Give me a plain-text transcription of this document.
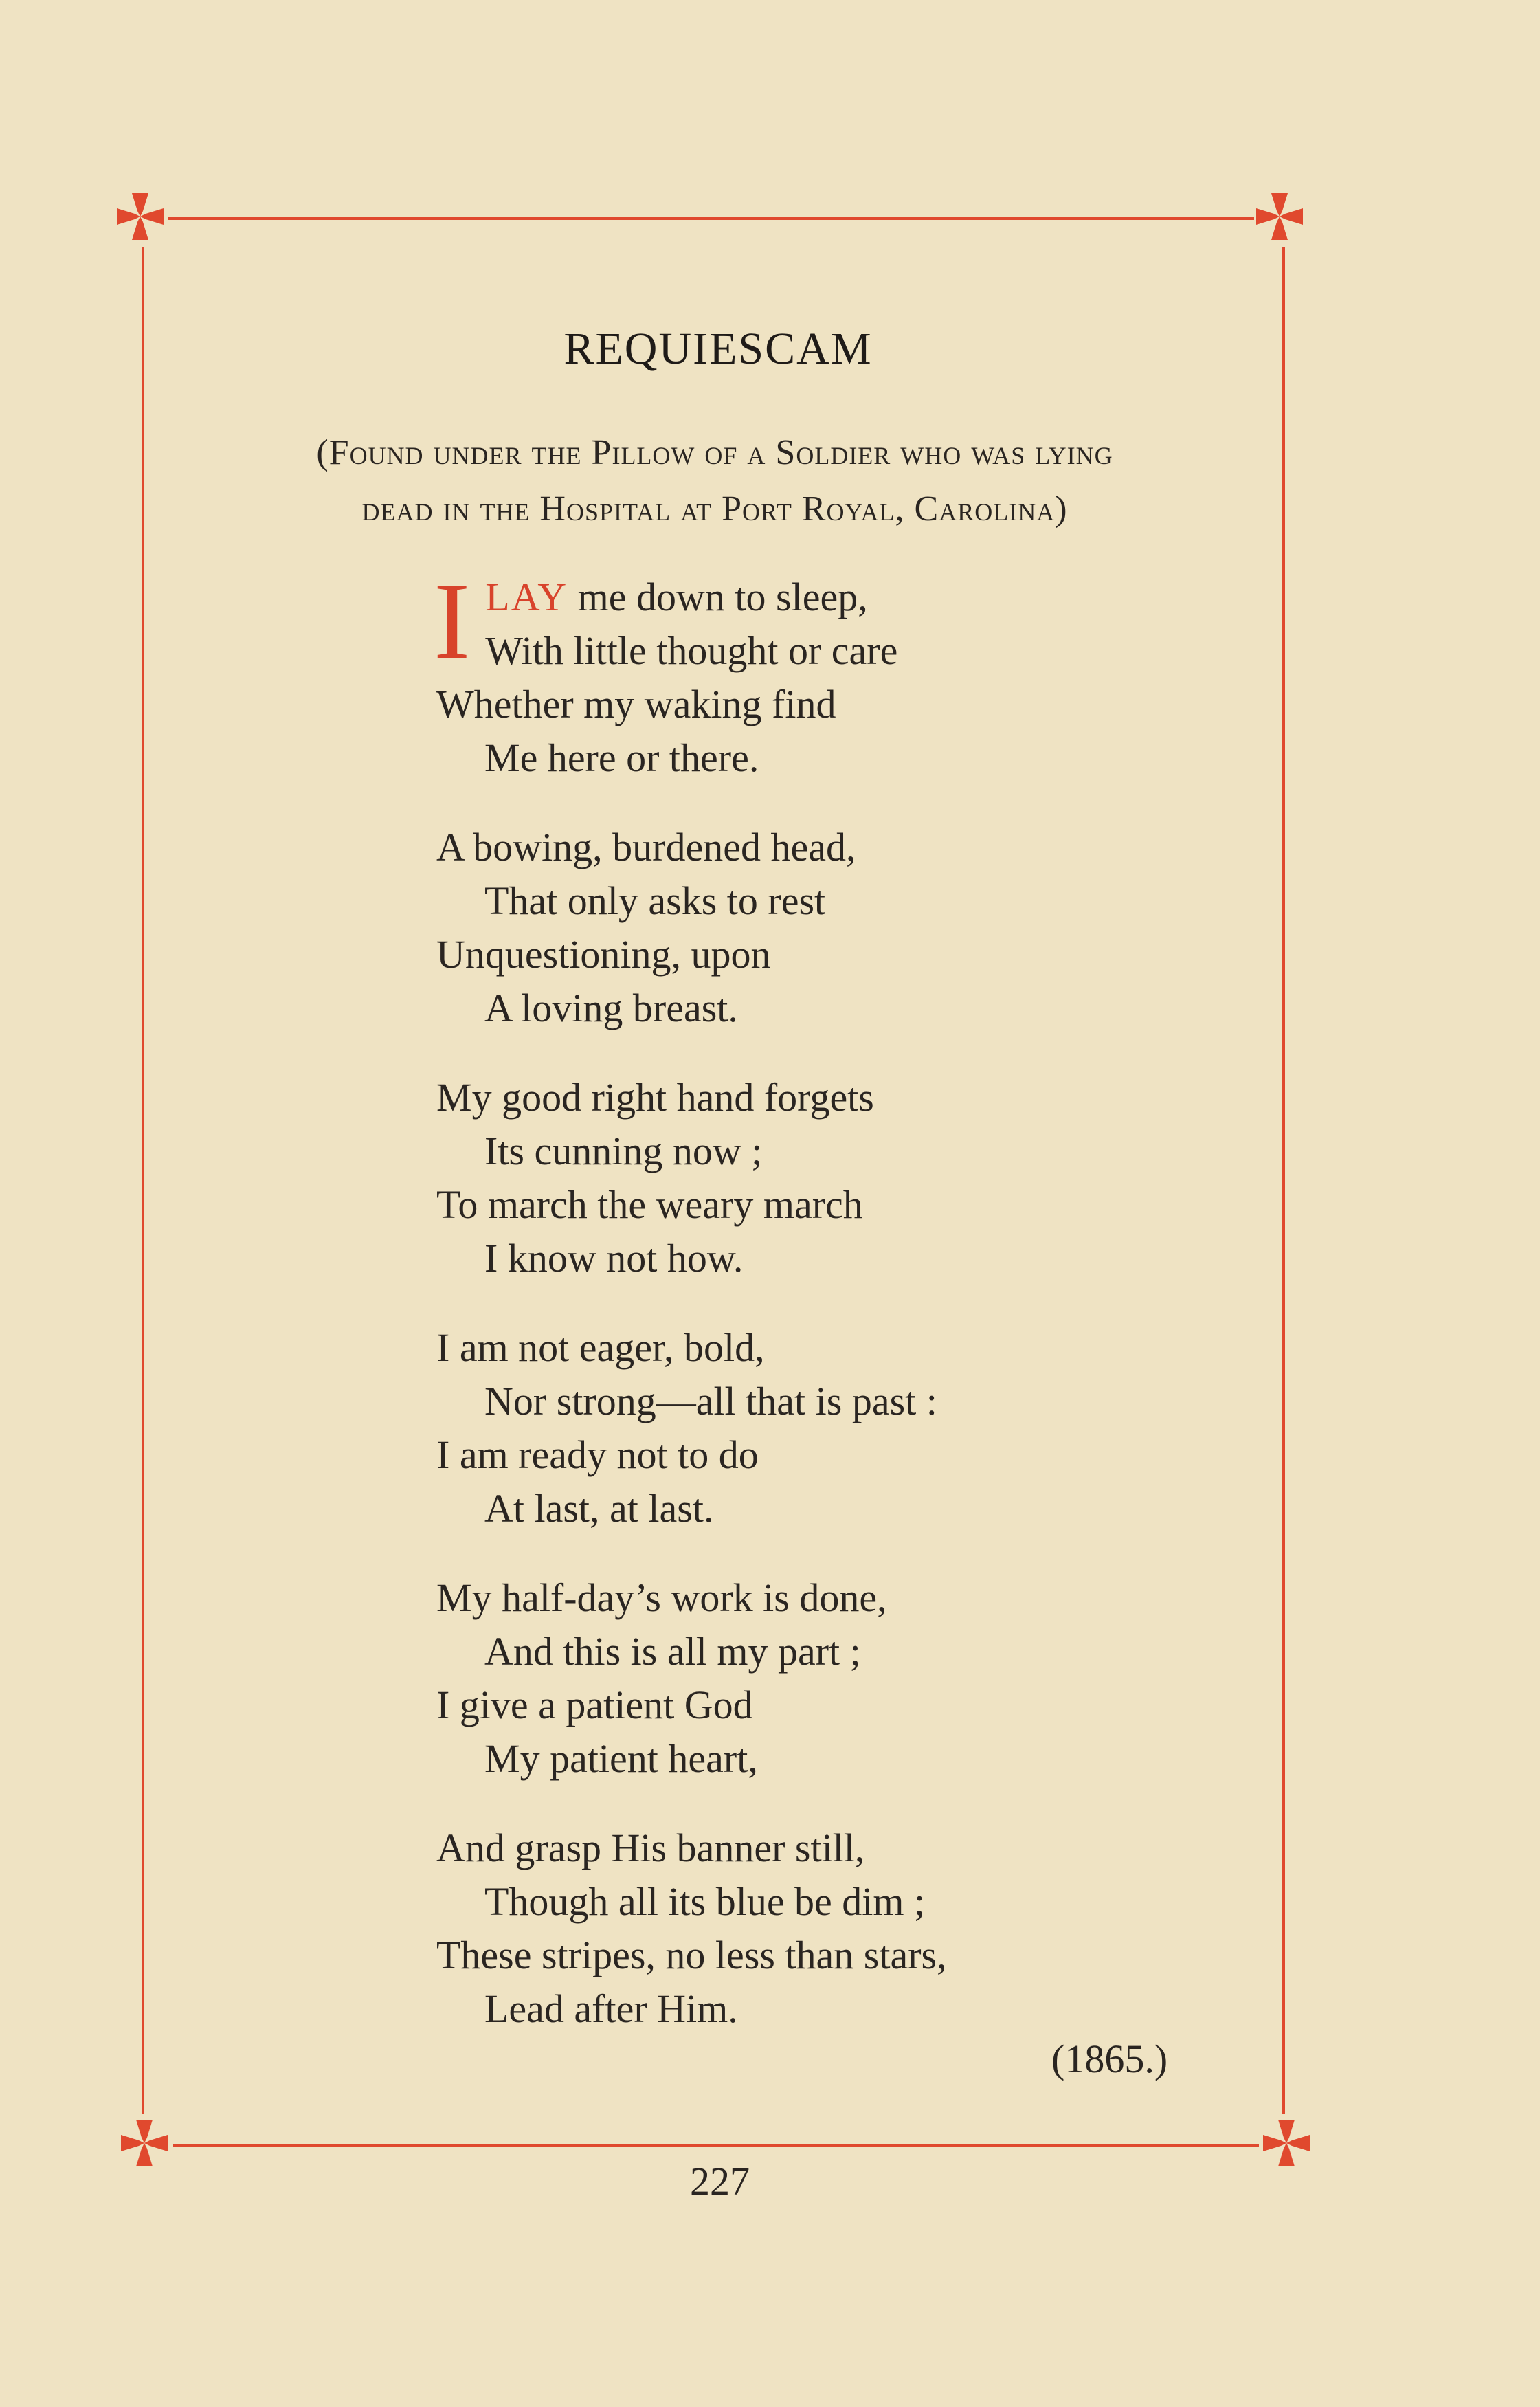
REQUIESCAM
(Found under the Pillow of a Soldier who was lying
dead in the Hospital at Port Royal, Carolina)
I LAY me down to sleep,
With little thought or care
Whether my waking find
Me here or there.
A bowing, burdened head,
That only asks to rest
Unquestioning, upon
A loving breast.
My good right hand forgets
Its cunning now ;
To march the weary march
I know not how.
I am not eager, bold,
Nor strong—all that is past :
I am ready not to do
At last, at last.
My half-day’s work is done,
And this is all my part ;
I give a patient God
My patient heart,
And grasp His banner still,
Though all its blue be dim ;
These stripes, no less than stars,
Lead after Him.
(1865.)
227
